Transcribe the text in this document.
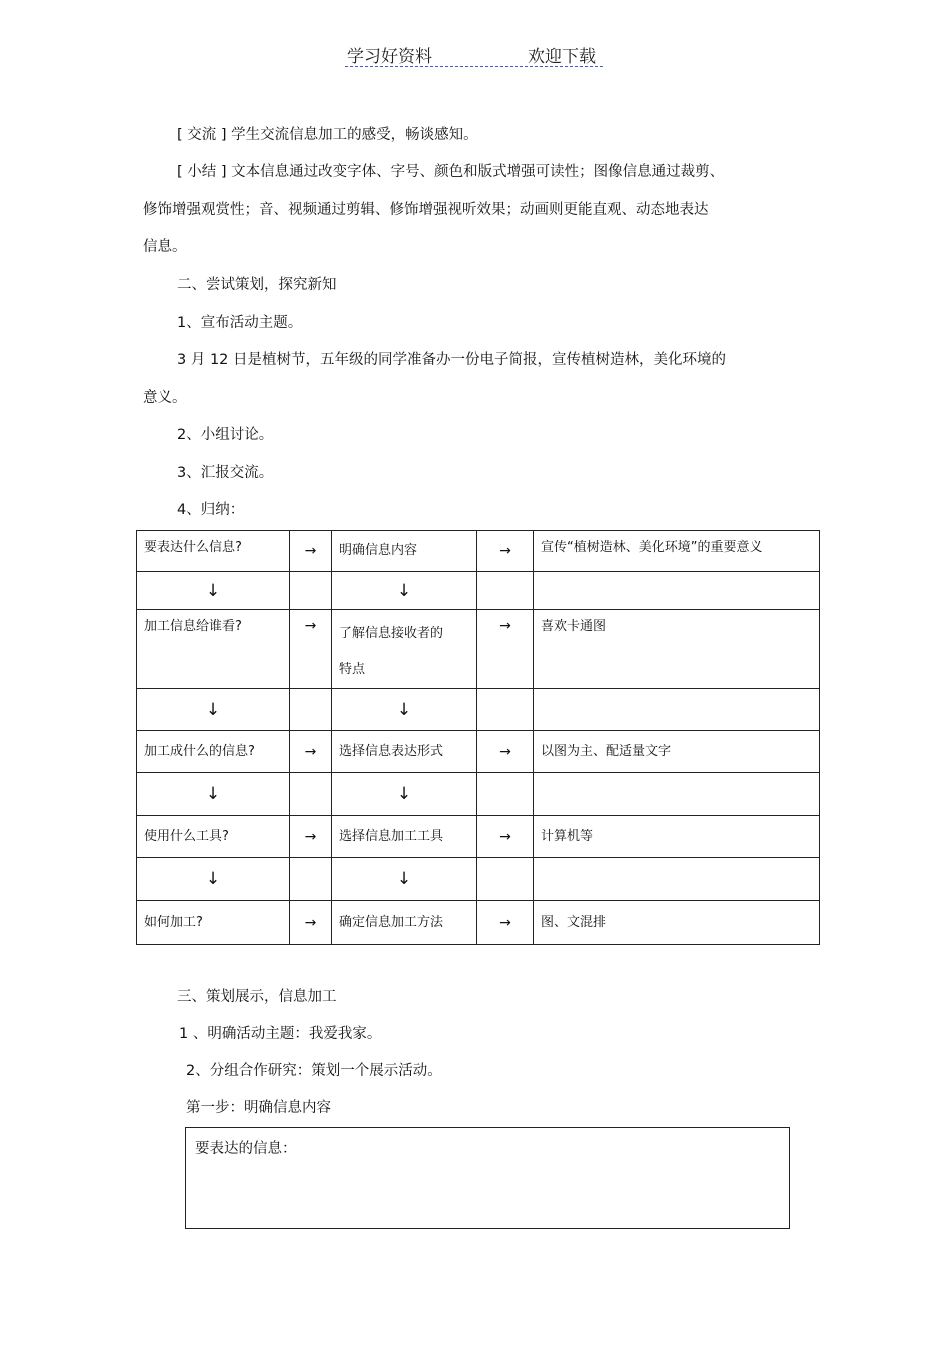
学习好资料	欢迎下载
[ 交流 ] 学生交流信息加工的感受，畅谈感知。
[ 小结 ] 文本信息通过改变字体、字号、颜色和版式增强可读性；图像信息通过裁剪、
修饰增强观赏性；音、视频通过剪辑、修饰增强视听效果；动画则更能直观、动态地表达
信息。
二、尝试策划，探究新知
1、宣布活动主题。
3 月 12 日是植树节，五年级的同学准备办一份电子简报，宣传植树造林，美化环境的
意义。
2、小组讨论。
3、汇报交流。
4、归纳：
要表达什么信息?	→	明确信息内容	→	宣传“植树造林、美化环境”的重要意义
↓		↓		
加工信息给谁看?	→	了解信息接收者的特点	→	喜欢卡通图
↓		↓		
加工成什么的信息?	→	选择信息表达形式	→	以图为主、配适量文字
↓		↓		
使用什么工具?	→	选择信息加工工具	→	计算机等
↓		↓		
如何加工?	→	确定信息加工方法	→	图、文混排
三、策划展示，信息加工
1 、明确活动主题：我爱我家。
2、分组合作研究：策划一个展示活动。
第一步：明确信息内容
要表达的信息：
